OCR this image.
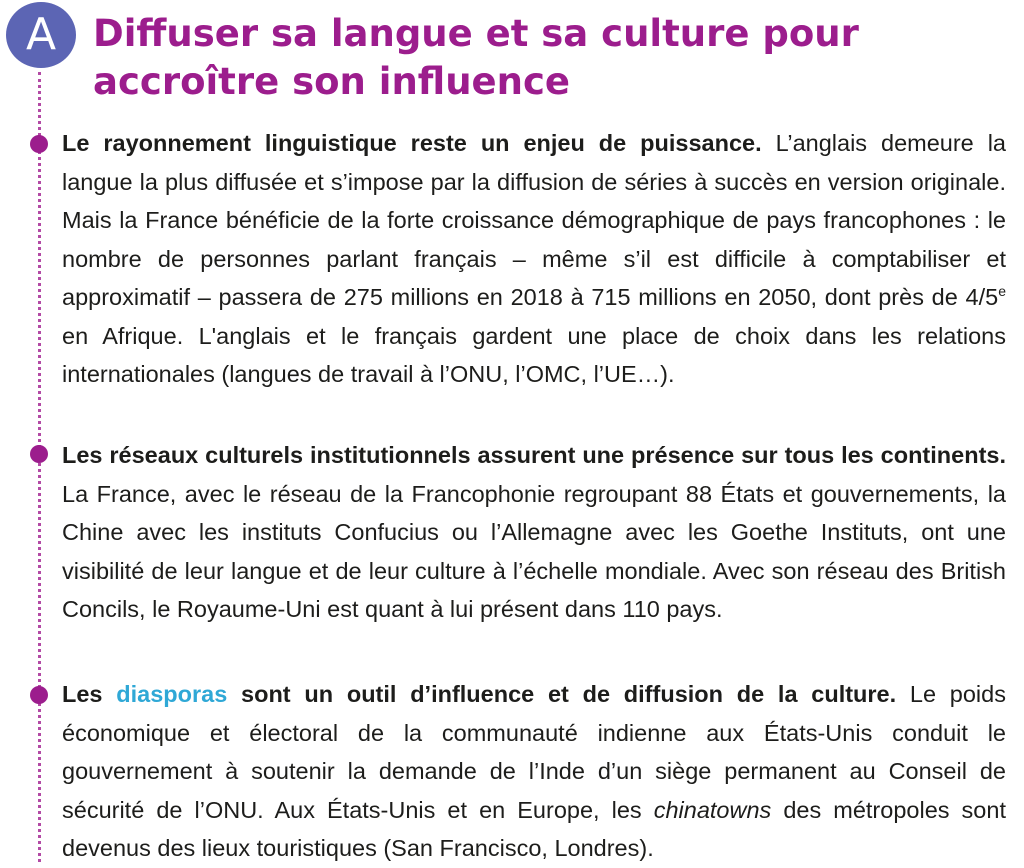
A Diffuser sa langue et sa culture pour accroître son influence

Le rayonnement linguistique reste un enjeu de puissance. L’anglais demeure la langue la plus diffusée et s’impose par la diffusion de séries à succès en version originale. Mais la France bénéficie de la forte croissance démographique de pays francophones : le nombre de personnes parlant français – même s’il est difficile à comptabiliser et approximatif – passera de 275 millions en 2018 à 715 millions en 2050, dont près de 4/5e en Afrique. L'anglais et le français gardent une place de choix dans les relations internationales (langues de travail à l’ONU, l’OMC, l’UE…).

Les réseaux culturels institutionnels assurent une présence sur tous les continents. La France, avec le réseau de la Francophonie regroupant 88 États et gouvernements, la Chine avec les instituts Confucius ou l’Allemagne avec les Goethe Instituts, ont une visibilité de leur langue et de leur culture à l’échelle mondiale. Avec son réseau des British Concils, le Royaume-Uni est quant à lui présent dans 110 pays.

Les diasporas sont un outil d’influence et de diffusion de la culture. Le poids économique et électoral de la communauté indienne aux États-Unis conduit le gouvernement à soutenir la demande de l’Inde d’un siège permanent au Conseil de sécurité de l’ONU. Aux États-Unis et en Europe, les chinatowns des métropoles sont devenus des lieux touristiques (San Francisco, Londres).
